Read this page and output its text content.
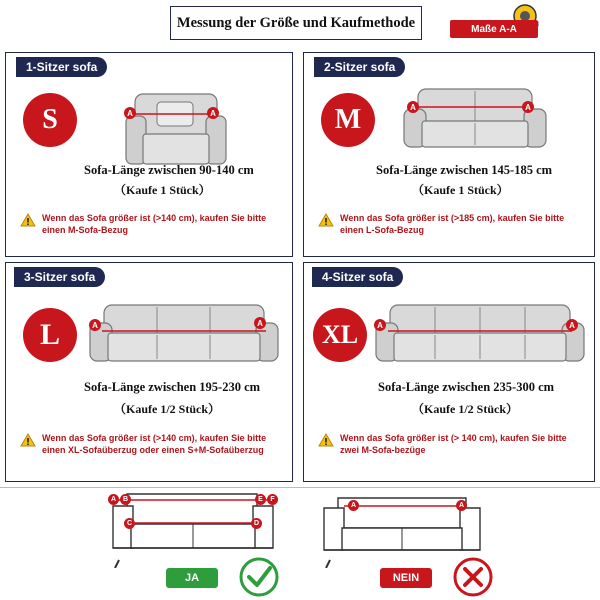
Messung der Größe und Kaufmethode	Maße A-A
1-Sitzer sofa
S	A	A
Sofa-Länge zwischen 90-140 cm
（Kaufe 1 Stück）
Wenn das Sofa größer ist (>140 cm), kaufen Sie bitte
einen M-Sofa-Bezug
2-Sitzer sofa
M	A	A
Sofa-Länge zwischen 145-185 cm
（Kaufe 1 Stück）
Wenn das Sofa größer ist (>185 cm), kaufen Sie bitte
einen L-Sofa-Bezug
3-Sitzer sofa
L	A	A
Sofa-Länge zwischen 195-230 cm
（Kaufe 1/2 Stück）
Wenn das Sofa größer ist (>140 cm), kaufen Sie bitte
einen XL-Sofaüberzug oder einen S+M-Sofaüberzug
4-Sitzer sofa
XL A	A
Sofa-Länge zwischen 235-300 cm
（Kaufe 1/2 Stück）
Wenn das Sofa größer ist (> 140 cm), kaufen Sie bitte
zwei M-Sofa-bezüge
A B
C	D
E F
JA
A	A
NEIN
